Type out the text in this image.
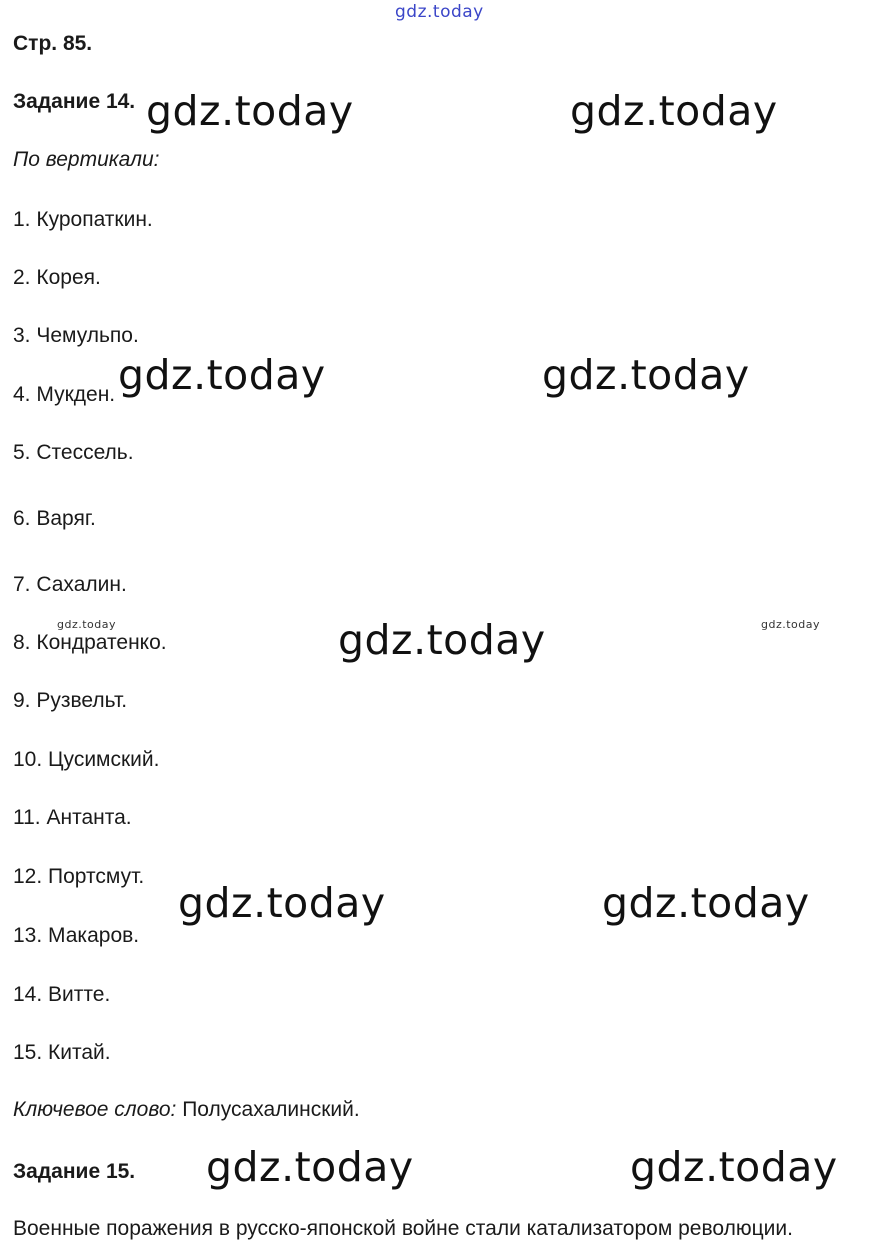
gdz.today
Стр. 85.
Задание 14.
По вертикали:
1. Куропаткин.
2. Корея.
3. Чемульпо.
4. Мукден.
5. Стессель.
6. Варяг.
7. Сахалин.
8. Кондратенко.
9. Рузвельт.
10. Цусимский.
11. Антанта.
12. Портсмут.
13. Макаров.
14. Витте.
15. Китай.
Ключевое слово: Полусахалинский.
Задание 15.
Военные поражения в русско-японской войне стали катализатором революции.
gdz.today	gdz.today
gdz.today	gdz.today
gdz.today
gdz.today	gdz.today
gdz.today	gdz.today
gdz.today	gdz.today
